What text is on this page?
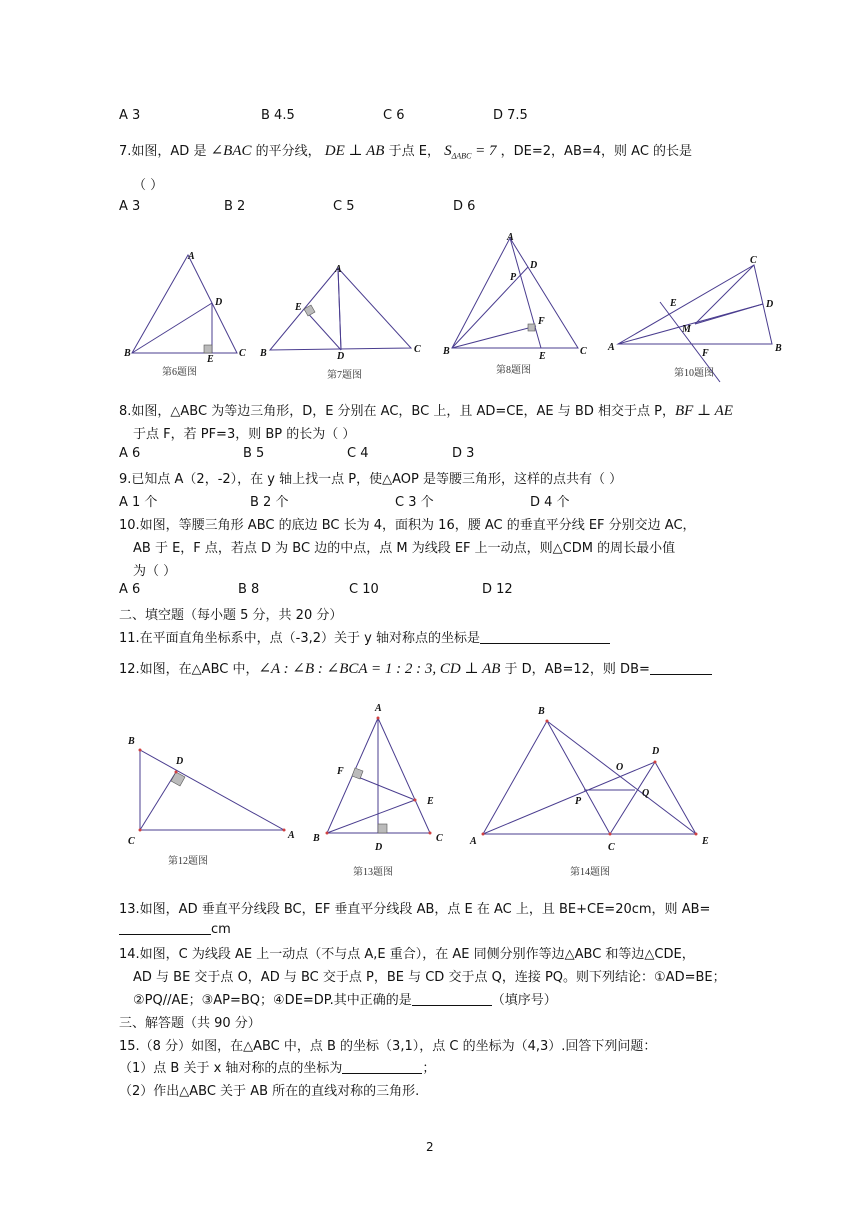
A 3	B 4.5	C 6	D 7.5
7.如图，AD 是 ∠BAC 的平分线， DE ⊥ AB 于点 E， $S_{\Delta ABC} = 7$ ，DE=2，AB=4，则 AC 的长是
（ ）
A 3	B 2	C 5	D 6
A
B	C
D
E
第6题图
A
B	C
D
E
第7题图
A
B	C
D
P
F
E
第8题图
C
A	B
D
E
M
F
第10题图
8.如图，△ABC 为等边三角形，D，E 分别在 AC，BC 上，且 AD=CE，AE 与 BD 相交于点 P，BF ⊥ AE
于点 F，若 PF=3，则 BP 的长为（ ）
A 6	B 5	C 4	D 3
9.已知点 A（2，-2），在 y 轴上找一点 P，使△AOP 是等腰三角形，这样的点共有（ ）
A 1 个	B 2 个	C 3 个	D 4 个
10.如图，等腰三角形 ABC 的底边 BC 长为 4，面积为 16，腰 AC 的垂直平分线 EF 分别交边 AC，
AB 于 E，F 点，若点 D 为 BC 边的中点，点 M 为线段 EF 上一动点，则△CDM 的周长最小值
为（ ）
A 6	B 8	C 10	D 12
二、填空题（每小题 5 分，共 20 分）
11.在平面直角坐标系中，点（-3,2）关于 y 轴对称点的坐标是
12.如图，在△ABC 中，∠A : ∠B : ∠BCA = 1 : 2 : 3, CD ⊥ AB 于 D，AB=12，则 DB=
B
C
A
D
第12题图
A
B	C
D
E
F
第13题图
B
A
C
D
E
O
P
Q
第14题图
13.如图，AD 垂直平分线段 BC，EF 垂直平分线段 AB，点 E 在 AC 上，且 BE+CE=20cm，则 AB=
cm
14.如图，C 为线段 AE 上一动点（不与点 A,E 重合），在 AE 同侧分别作等边△ABC 和等边△CDE，
AD 与 BE 交于点 O，AD 与 BC 交于点 P，BE 与 CD 交于点 Q，连接 PQ。则下列结论：①AD=BE；
②PQ//AE；③AP=BQ；④DE=DP.其中正确的是	（填序号）
三、解答题（共 90 分）
15.（8 分）如图，在△ABC 中，点 B 的坐标（3,1），点 C 的坐标为（4,3）.回答下列问题：
（1）点 B 关于 x 轴对称的点的坐标为	；
（2）作出△ABC 关于 AB 所在的直线对称的三角形.
2
